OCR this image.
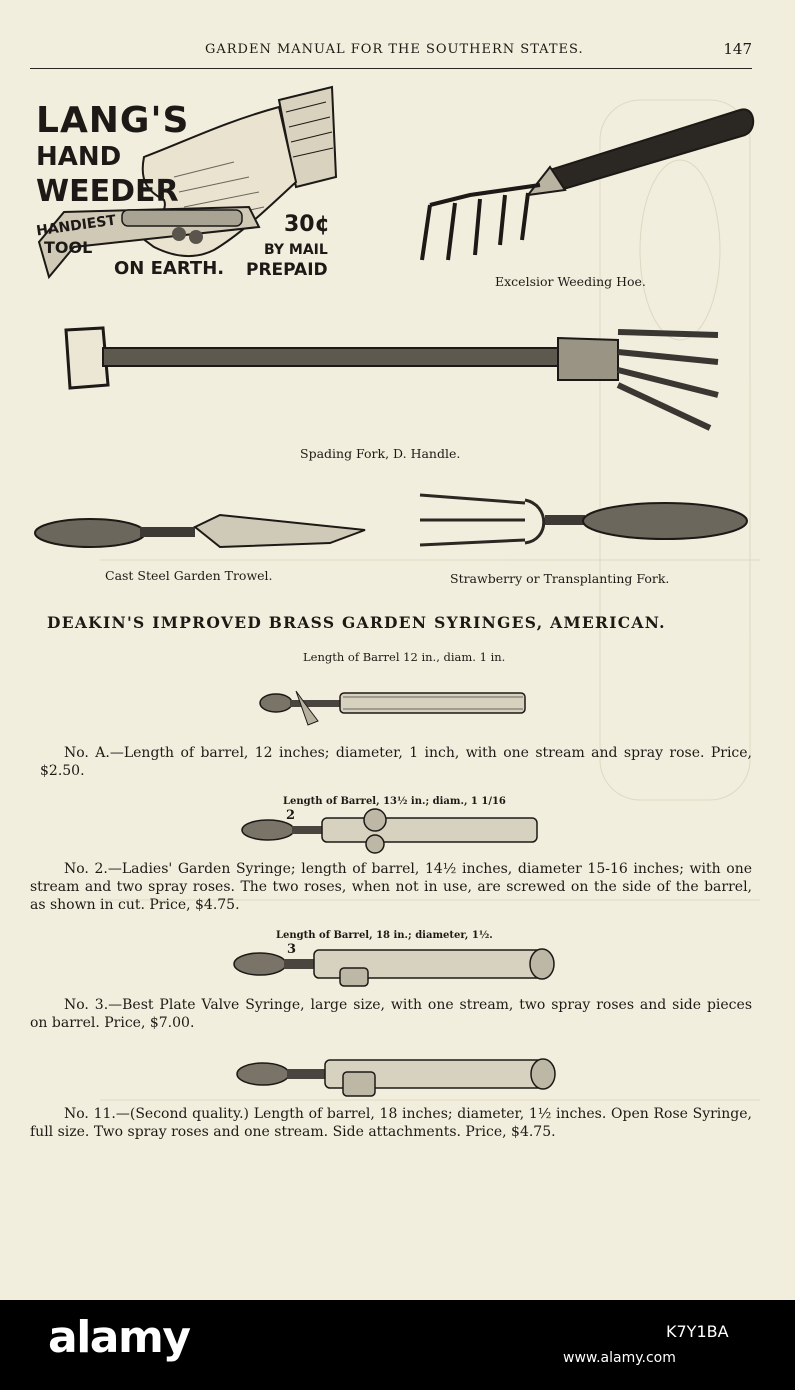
GARDEN MANUAL FOR THE SOUTHERN STATES.	147
LANG'S
HAND
WEEDER
HANDIEST
TOOL
ON EARTH.
30¢
BY MAIL
PREPAID
Excelsior Weeding Hoe.
Spading Fork, D. Handle.
Cast Steel Garden Trowel.	Strawberry or Transplanting Fork.
DEAKIN'S IMPROVED BRASS GARDEN SYRINGES, AMERICAN.
Length of Barrel 12 in., diam. 1 in.
No. A.—Length of barrel, 12 inches; diameter, 1 inch, with one stream and spray rose. Price, $2.50.
Length of Barrel, 13½ in.; diam., 1 1/16
2
No. 2.—Ladies' Garden Syringe; length of barrel, 14½ inches, diameter 15-16 inches; with one stream and two spray roses. The two roses, when not in use, are screwed on the side of the barrel, as shown in cut. Price, $4.75.
Length of Barrel, 18 in.; diameter, 1½.
3
No. 3.—Best Plate Valve Syringe, large size, with one stream, two spray roses and side pieces on barrel. Price, $7.00.
No. 11.—(Second quality.) Length of barrel, 18 inches; diameter, 1½ inches. Open Rose Syringe, full size. Two spray roses and one stream. Side attachments. Price, $4.75.
alamy	K7Y1BA
www.alamy.com
